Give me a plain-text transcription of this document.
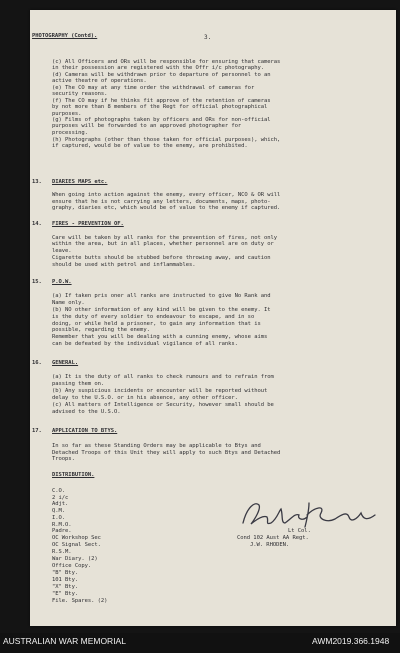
PHOTOGRAPHY (Contd).	3.
(c) All Officers and ORs will be responsible for ensuring that cameras
in their possession are registered with the Offr i/c photography.
(d) Cameras will be withdrawn prior to departure of personnel to an
active theatre of operations.
(e) The CO may at any time order the withdrawal of cameras for
security reasons.
(f) The CO may if he thinks fit approve of the retention of cameras
by not more than 8 members of the Regt for official photographical
purposes.
(g) Films of photographs taken by officers and ORs for non-official
purposes will be forwarded to an approved photographer for
processing.
(h) Photographs (other than those taken for official purposes), which,
if captured, would be of value to the enemy, are prohibited.
13. DIARIES MAPS etc.
When going into action against the enemy, every officer, NCO & OR will
ensure that he is not carrying any letters, documents, maps, photo-
graphy, diaries etc, which would be of value to the enemy if captured.
14. FIRES - PREVENTION OF.
Care will be taken by all ranks for the prevention of fires, not only
within the area, but in all places, whether personnel are on duty or
leave.
Cigarette butts should be stubbed before throwing away, and caution
should be used with petrol and inflammables.
15. P.O.W.
(a) If taken pris oner all ranks are instructed to give No Rank and
Name only.
(b) NO other information of any kind will be given to the enemy. It
is the duty of every soldier to endeavour to escape, and in so
doing, or while held a prisoner, to gain any information that is
possible, regarding the enemy.
Remember that you will be dealing with a cunning enemy, whose aims
can be defeated by the individual vigilance of all ranks.
16. GENERAL.
(a) It is the duty of all ranks to check rumours and to refrain from
passing them on.
(b) Any suspicious incidents or encounter will be reported without
delay to the U.S.O. or in his absence, any other officer.
(c) All matters of Intelligence or Security, however small should be
advised to the U.S.O.
17. APPLICATION TO BTYS.
In so far as these Standing Orders may be applicable to Btys and
Detached Troops of this Unit they will apply to such Btys and Detached
Troops.
DISTRIBUTION.
C.O.
2 i/c
Adjt.
Q.M.
I.O.
R.M.O.
Padre.
OC Workshop Sec
OC Signal Sect.
R.S.M.
War Diary. (2)
Office Copy.
"B" Bty.
101 Bty.
"X" Bty.
"E" Bty.
File. Spares. (2)
Lt Col.
Cond 102 Aust AA Regt.
J.W. RHODEN.
AUSTRALIAN WAR MEMORIAL	AWM2019.366.1948
